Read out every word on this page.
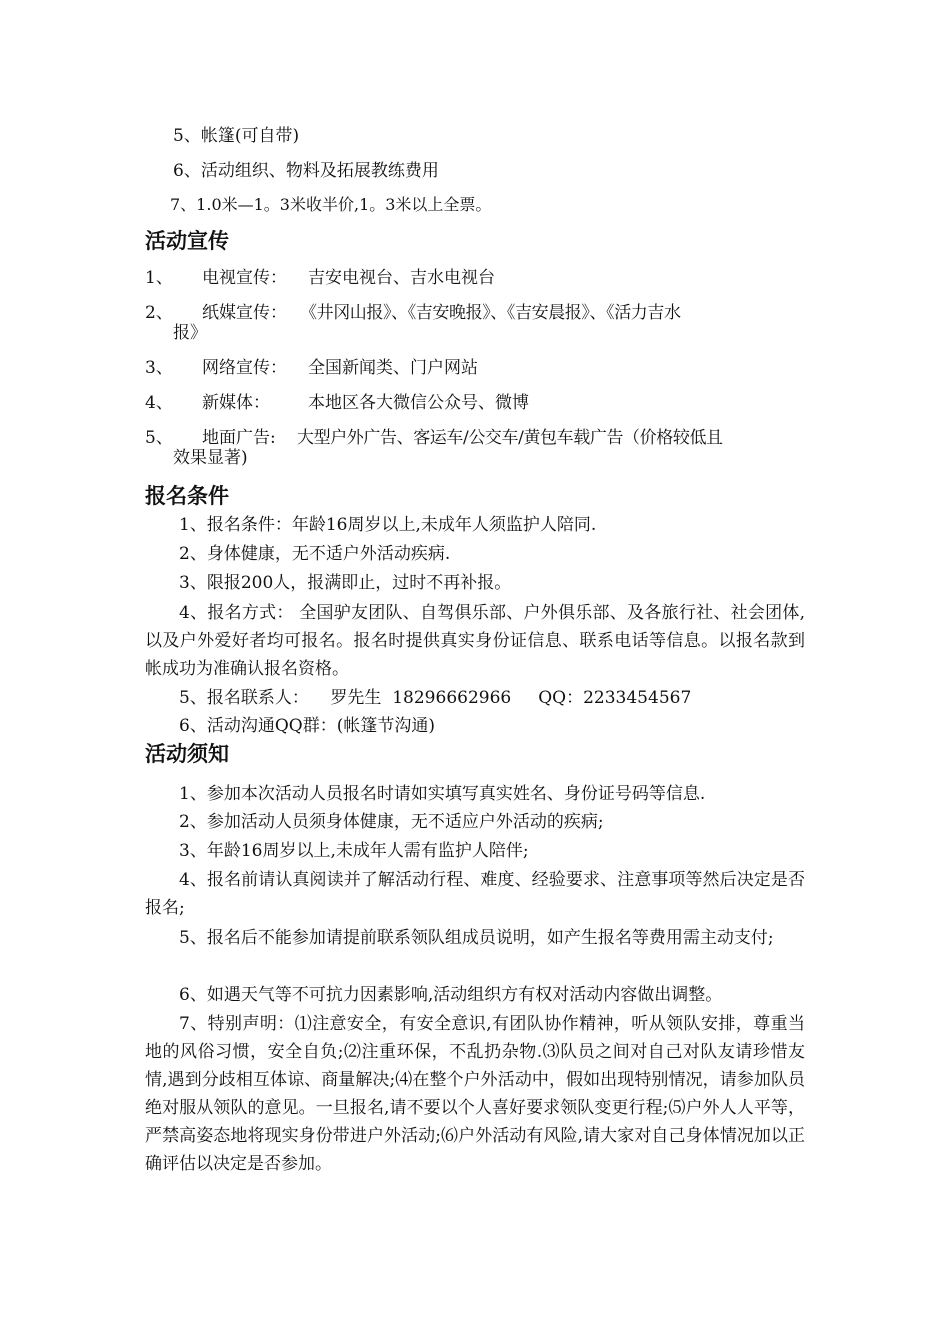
5、帐篷(可自带)
6、活动组织、物料及拓展教练费用
7、1.0米—1。3米收半价,1。3米以上全票。
活动宣传
1、 电视宣传： 吉安电视台、吉水电视台
2、 纸媒宣传： 《井冈山报》、《吉安晚报》、《吉安晨报》、《活力吉水
报》
3、 网络宣传： 全国新闻类、门户网站
4、 新媒体： 本地区各大微信公众号、微博
5、 地面广告: 大型户外广告、客运车/公交车/黄包车载广告（价格较低且
效果显著)
报名条件
1、报名条件：年龄16周岁以上,未成年人须监护人陪同.
2、身体健康，无不适户外活动疾病.
3、限报200人，报满即止，过时不再补报。
4、报名方式： 全国驴友团队、自驾俱乐部、户外俱乐部、及各旅行社、社会团体,以及户外爱好者均可报名。报名时提供真实身份证信息、联系电话等信息。以报名款到帐成功为准确认报名资格。
5、报名联系人：    罗先生  18296662966     QQ：2233454567
6、活动沟通QQ群：(帐篷节沟通)
活动须知
1、参加本次活动人员报名时请如实填写真实姓名、身份证号码等信息.
2、参加活动人员须身体健康，无不适应户外活动的疾病;
3、年龄16周岁以上,未成年人需有监护人陪伴;
4、报名前请认真阅读并了解活动行程、难度、经验要求、注意事项等然后决定是否报名;
5、报名后不能参加请提前联系领队组成员说明，如产生报名等费用需主动支付;
6、如遇天气等不可抗力因素影响,活动组织方有权对活动内容做出调整。
7、特别声明：⑴注意安全，有安全意识,有团队协作精神，听从领队安排，尊重当地的风俗习惯，安全自负;⑵注重环保，不乱扔杂物.⑶队员之间对自己对队友请珍惜友情,遇到分歧相互体谅、商量解决;⑷在整个户外活动中，假如出现特别情况，请参加队员绝对服从领队的意见。一旦报名,请不要以个人喜好要求领队变更行程;⑸户外人人平等，严禁高姿态地将现实身份带进户外活动;⑹户外活动有风险,请大家对自己身体情况加以正确评估以决定是否参加。
